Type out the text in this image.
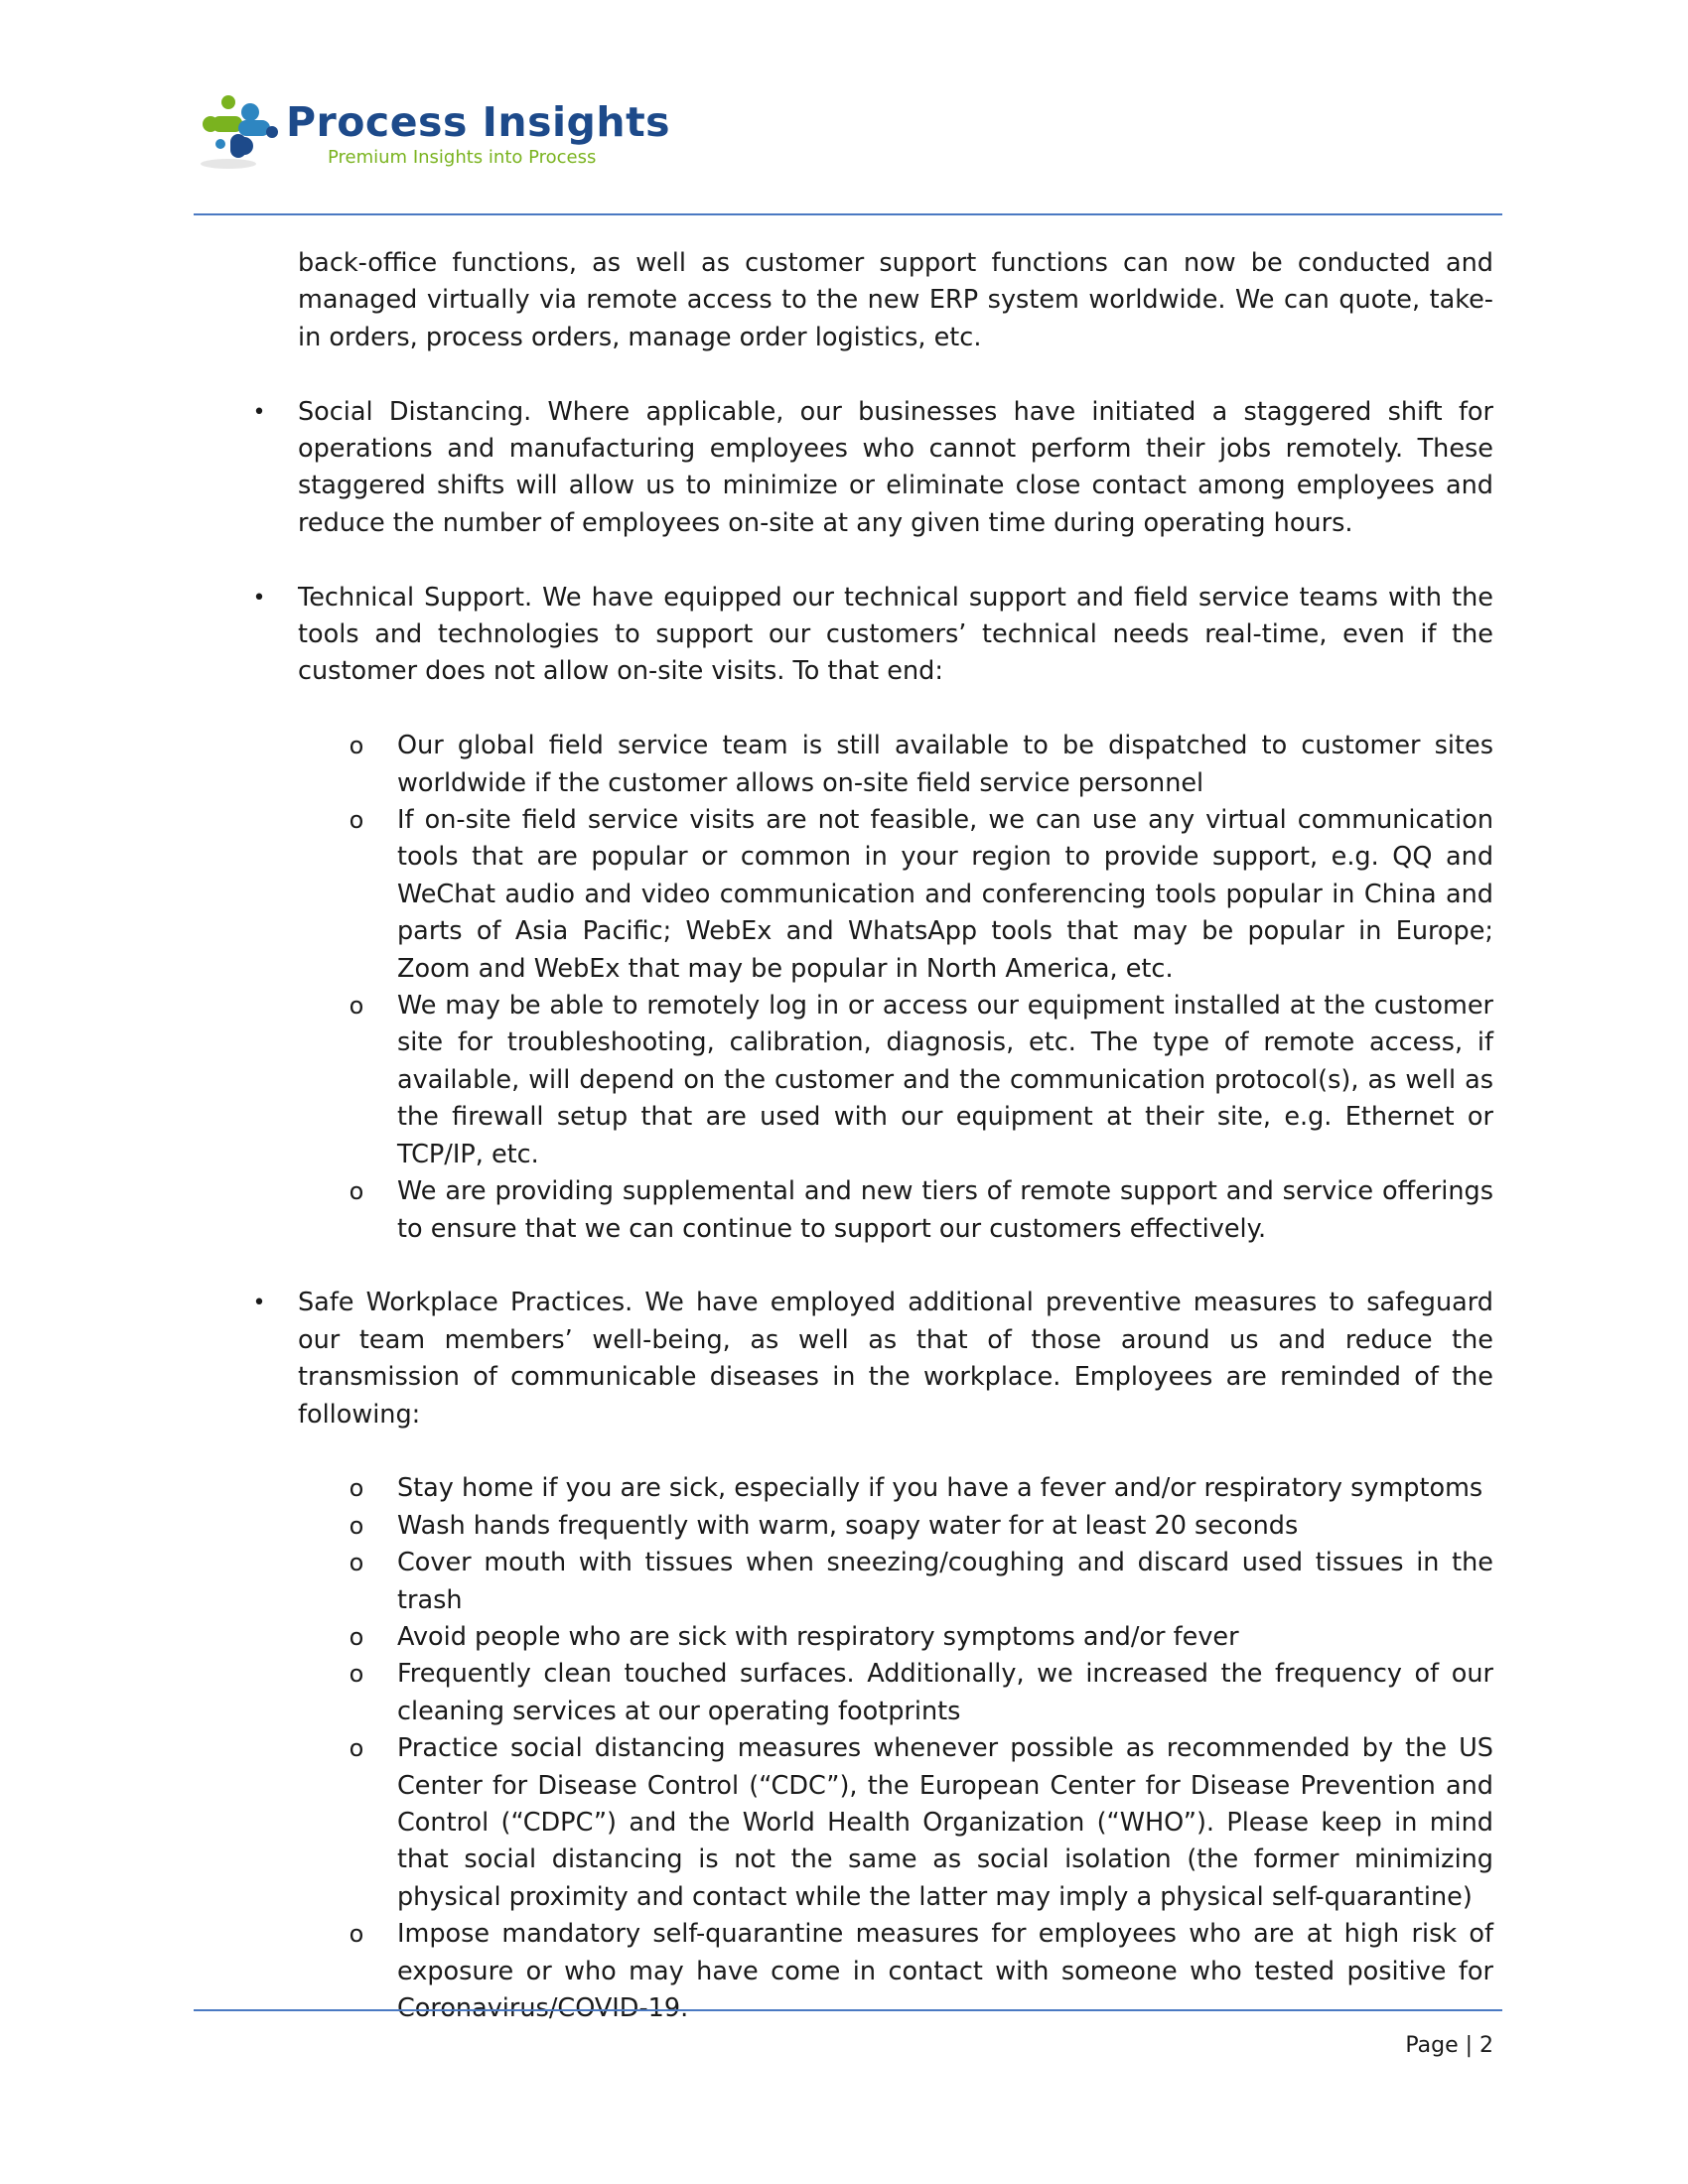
Process Insights
Premium Insights into Process

back-office functions, as well as customer support functions can now be conducted and managed virtually via remote access to the new ERP system worldwide. We can quote, take-in orders, process orders, manage order logistics, etc.

• Social Distancing. Where applicable, our businesses have initiated a staggered shift for operations and manufacturing employees who cannot perform their jobs remotely. These staggered shifts will allow us to minimize or eliminate close contact among employees and reduce the number of employees on-site at any given time during operating hours.

• Technical Support. We have equipped our technical support and field service teams with the tools and technologies to support our customers’ technical needs real-time, even if the customer does not allow on-site visits. To that end:

o Our global field service team is still available to be dispatched to customer sites worldwide if the customer allows on-site field service personnel

o If on-site field service visits are not feasible, we can use any virtual communication tools that are popular or common in your region to provide support, e.g. QQ and WeChat audio and video communication and conferencing tools popular in China and parts of Asia Pacific; WebEx and WhatsApp tools that may be popular in Europe; Zoom and WebEx that may be popular in North America, etc.

o We may be able to remotely log in or access our equipment installed at the customer site for troubleshooting, calibration, diagnosis, etc. The type of remote access, if available, will depend on the customer and the communication protocol(s), as well as the firewall setup that are used with our equipment at their site, e.g. Ethernet or TCP/IP, etc.

o We are providing supplemental and new tiers of remote support and service offerings to ensure that we can continue to support our customers effectively.

• Safe Workplace Practices. We have employed additional preventive measures to safeguard our team members’ well-being, as well as that of those around us and reduce the transmission of communicable diseases in the workplace. Employees are reminded of the following:

o Stay home if you are sick, especially if you have a fever and/or respiratory symptoms

o Wash hands frequently with warm, soapy water for at least 20 seconds

o Cover mouth with tissues when sneezing/coughing and discard used tissues in the trash

o Avoid people who are sick with respiratory symptoms and/or fever

o Frequently clean touched surfaces. Additionally, we increased the frequency of our cleaning services at our operating footprints

o Practice social distancing measures whenever possible as recommended by the US Center for Disease Control (“CDC”), the European Center for Disease Prevention and Control (“CDPC”) and the World Health Organization (“WHO”). Please keep in mind that social distancing is not the same as social isolation (the former minimizing physical proximity and contact while the latter may imply a physical self-quarantine)

o Impose mandatory self-quarantine measures for employees who are at high risk of exposure or who may have come in contact with someone who tested positive for Coronavirus/COVID-19.

Page | 2
